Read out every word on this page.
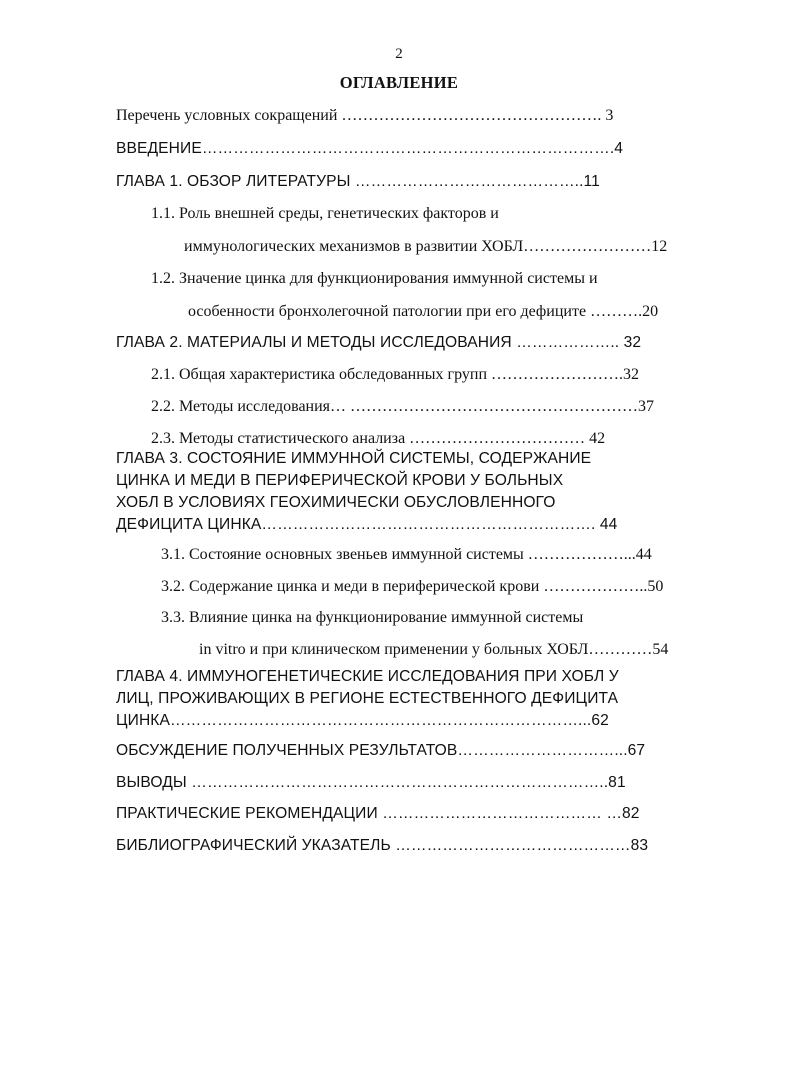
2
ОГЛАВЛЕНИЕ
Перечень условных сокращений …………………………………………. 3
ВВЕДЕНИЕ…………………………………………………………………….4
ГЛАВА 1. ОБЗОР ЛИТЕРАТУРЫ ……………………………………..11
1.1. Роль внешней среды, генетических факторов и
иммунологических механизмов в развитии ХОБЛ……………………12
1.2. Значение цинка для функционирования иммунной системы и
особенности бронхолегочной патологии при его дефиците ……….20
ГЛАВА 2. МАТЕРИАЛЫ И МЕТОДЫ ИССЛЕДОВАНИЯ ……………….. 32
2.1. Общая характеристика обследованных групп …………………….32
2.2. Методы исследования… ………………………………………………37
2.3. Методы статистического анализа …………………………… 42
ГЛАВА 3. СОСТОЯНИЕ ИММУННОЙ СИСТЕМЫ, СОДЕРЖАНИЕ
ЦИНКА И МЕДИ В ПЕРИФЕРИЧЕСКОЙ КРОВИ У БОЛЬНЫХ
ХОБЛ В УСЛОВИЯХ ГЕОХИМИЧЕСКИ ОБУСЛОВЛЕННОГО
ДЕФИЦИТА ЦИНКА………………………………………………………. 44
3.1. Состояние основных звеньев иммунной системы ………………...44
3.2. Содержание цинка и меди в периферической крови ………………..50
3.3. Влияние цинка на функционирование иммунной системы
in vitro и при клиническом применении у больных ХОБЛ…………54
ГЛАВА 4. ИММУНОГЕНЕТИЧЕСКИЕ ИССЛЕДОВАНИЯ ПРИ ХОБЛ У
ЛИЦ, ПРОЖИВАЮЩИХ В РЕГИОНЕ ЕСТЕСТВЕННОГО ДЕФИЦИТА
ЦИНКА……………………………………………………………………...62
ОБСУЖДЕНИЕ ПОЛУЧЕННЫХ РЕЗУЛЬТАТОВ…………………………...67
ВЫВОДЫ ……………………………………………………………………..81
ПРАКТИЧЕСКИЕ РЕКОМЕНДАЦИИ …………………………………… …82
БИБЛИОГРАФИЧЕСКИЙ УКАЗАТЕЛЬ ………………………………………83
